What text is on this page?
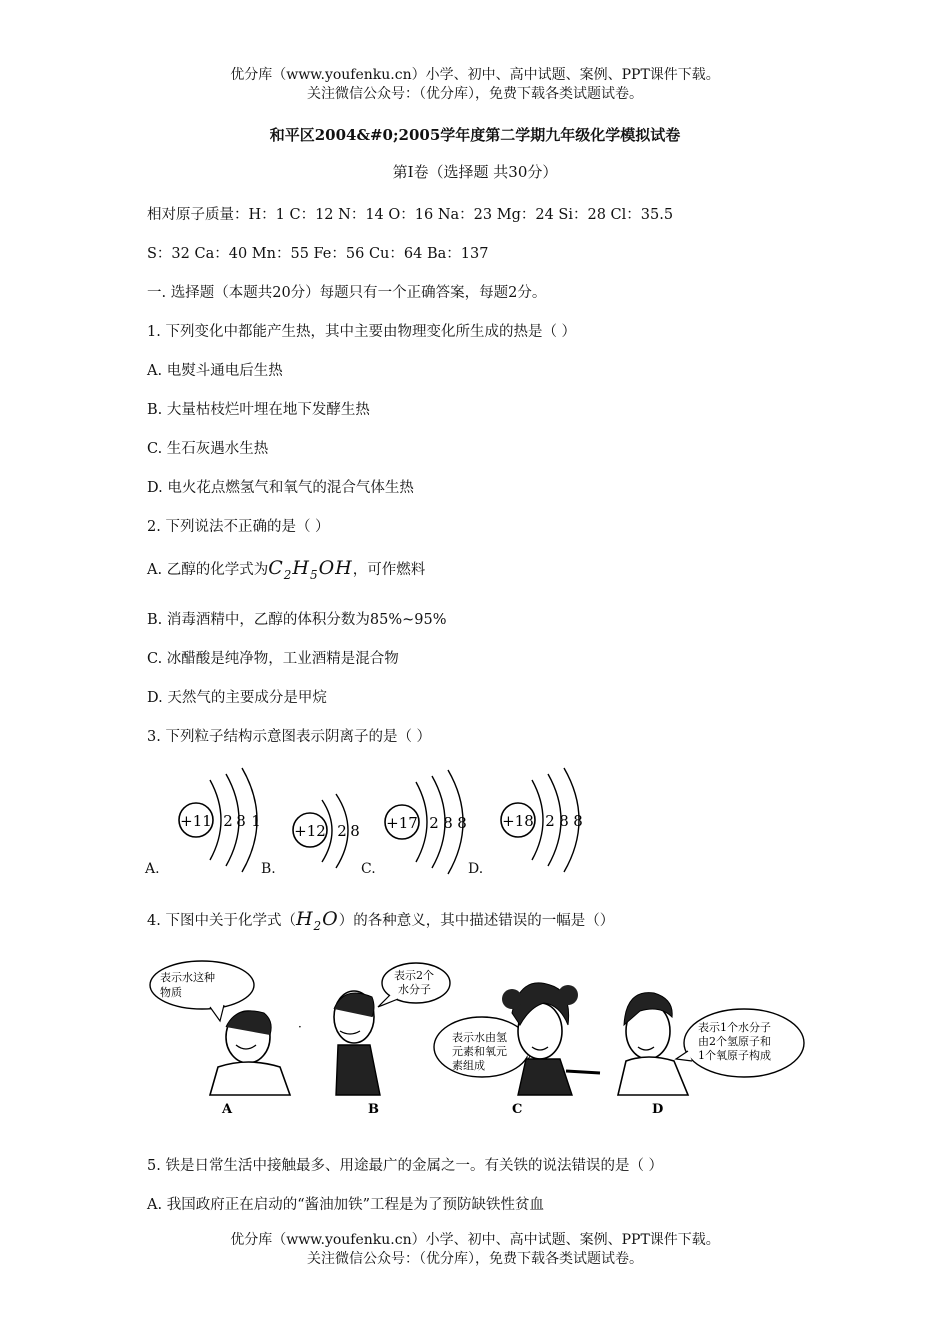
优分库（www.youfenku.cn）小学、初中、高中试题、案例、PPT课件下载。
关注微信公众号：（优分库），免费下载各类试题试卷。
和平区2004&#0;2005学年度第二学期九年级化学模拟试卷
第Ⅰ卷（选择题 共30分）
相对原子质量：H：1 C：12 N：14 O：16 Na：23 Mg：24 Si：28 Cl：35.5
S：32 Ca：40 Mn：55 Fe：56 Cu：64 Ba：137
一. 选择题（本题共20分）每题只有一个正确答案，每题2分。
1. 下列变化中都能产生热，其中主要由物理变化所生成的热是（ ）
A. 电熨斗通电后生热
B. 大量枯枝烂叶埋在地下发酵生热
C. 生石灰遇水生热
D. 电火花点燃氢气和氧气的混合气体生热
2. 下列说法不正确的是（ ）
A. 乙醇的化学式为$C_2H_5OH$，可作燃料
B. 消毒酒精中，乙醇的体积分数为85%~95%
C. 冰醋酸是纯净物，工业酒精是混合物
D. 天然气的主要成分是甲烷
3. 下列粒子结构示意图表示阴离子的是（ ）
+11 2 8 1
+12 2 8 +17 2 8 8 +18 2 8 8
A.	B.	C.	D.
4. 下图中关于化学式$(H_2O)$的各种意义，其中描述错误的一幅是（）
表示水这种
物质
A
表示2个
水分子
B
表示水由氢
元素和氧元
素组成
C
表示1个水分子
由2个氢原子和
1个氧原子构成
D
·
5. 铁是日常生活中接触最多、用途最广的金属之一。有关铁的说法错误的是（ ）
A. 我国政府正在启动的“酱油加铁”工程是为了预防缺铁性贫血
优分库（www.youfenku.cn）小学、初中、高中试题、案例、PPT课件下载。
关注微信公众号：（优分库），免费下载各类试题试卷。
